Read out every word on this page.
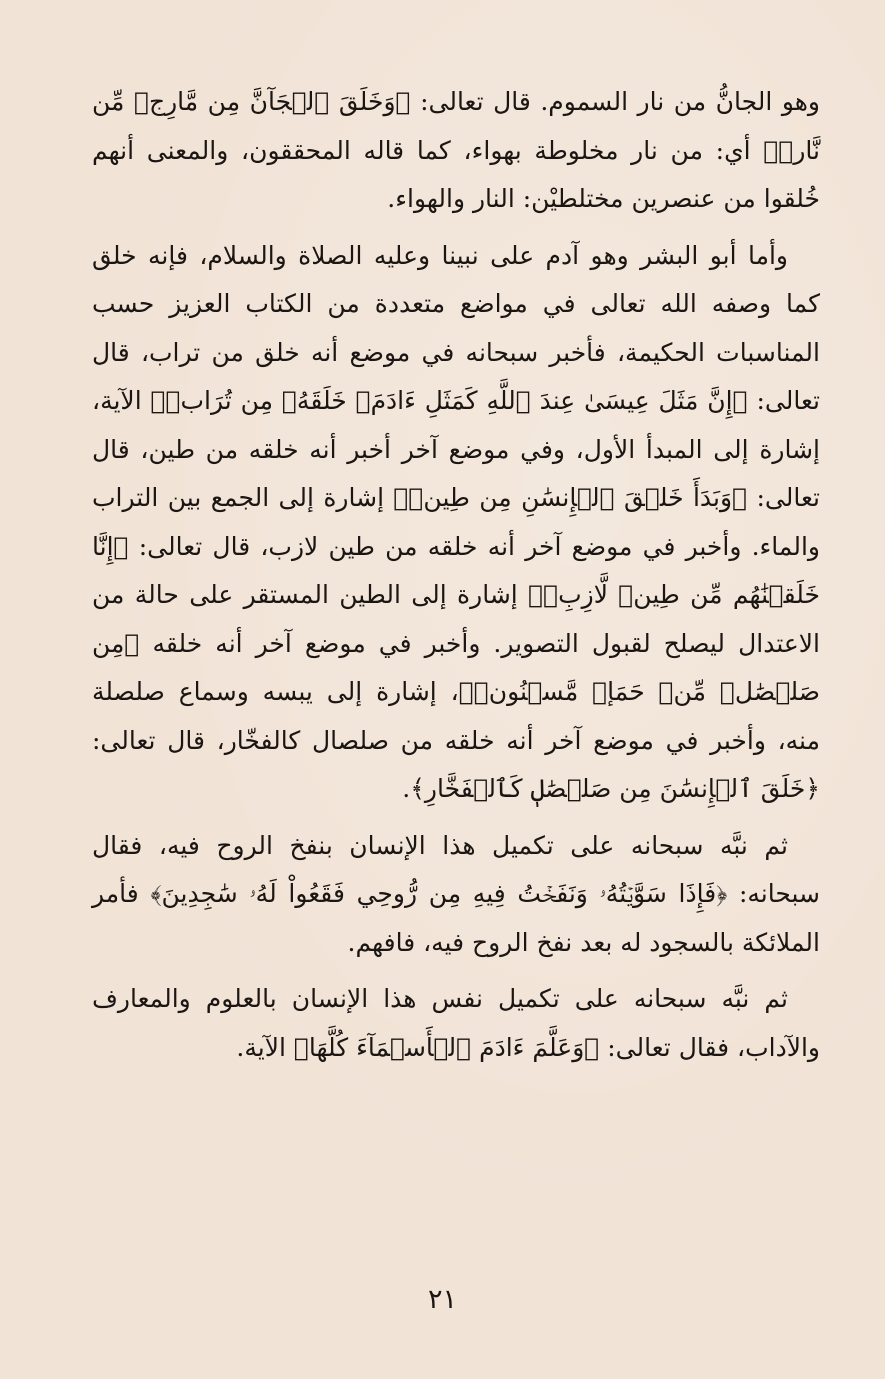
وهو الجانُّ من نار السموم. قال تعالى: ﴿وَخَلَقَ ٱلۡجَآنَّ مِن مَّارِجٖ مِّن نَّارٖ﴾ أي: من نار مخلوطة بهواء، كما قاله المحققون، والمعنى أنهم خُلقوا من عنصرين مختلطيْن: النار والهواء.

وأما أبو البشر وهو آدم على نبينا وعليه الصلاة والسلام، فإنه خلق كما وصفه الله تعالى في مواضع متعددة من الكتاب العزيز حسب المناسبات الحكيمة، فأخبر سبحانه في موضع أنه خلق من تراب، قال تعالى: ﴿إِنَّ مَثَلَ عِيسَىٰ عِندَ ٱللَّهِ كَمَثَلِ ءَادَمَۖ خَلَقَهُۥ مِن تُرَابٖ﴾ الآية، إشارة إلى المبدأ الأول، وفي موضع آخر أخبر أنه خلقه من طين، قال تعالى: ﴿وَبَدَأَ خَلۡقَ ٱلۡإِنسَٰنِ مِن طِينٖ﴾ إشارة إلى الجمع بين التراب والماء. وأخبر في موضع آخر أنه خلقه من طين لازب، قال تعالى: ﴿إِنَّا خَلَقۡنَٰهُم مِّن طِينٖ لَّازِبِۭ﴾ إشارة إلى الطين المستقر على حالة من الاعتدال ليصلح لقبول التصوير. وأخبر في موضع آخر أنه خلقه ﴿مِن صَلۡصَٰلٖ مِّنۡ حَمَإٖ مَّسۡنُونٖ﴾، إشارة إلى يبسه وسماع صلصلة منه، وأخبر في موضع آخر أنه خلقه من صلصال كالفخّار، قال تعالى: ﴿خَلَقَ ٱلۡإِنسَٰنَ مِن صَلۡصَٰلٖ كَٱلۡفَخَّارِ﴾.

ثم نبَّه سبحانه على تكميل هذا الإنسان بنفخ الروح فيه، فقال سبحانه: ﴿فَإِذَا سَوَّيۡتُهُۥ وَنَفَخۡتُ فِيهِ مِن رُّوحِي فَقَعُواْ لَهُۥ سَٰجِدِينَ﴾ فأمر الملائكة بالسجود له بعد نفخ الروح فيه، فافهم.

ثم نبَّه سبحانه على تكميل نفس هذا الإنسان بالعلوم والمعارف والآداب، فقال تعالى: ﴿وَعَلَّمَ ءَادَمَ ٱلۡأَسۡمَآءَ كُلَّهَا﴾ الآية.

٢١
